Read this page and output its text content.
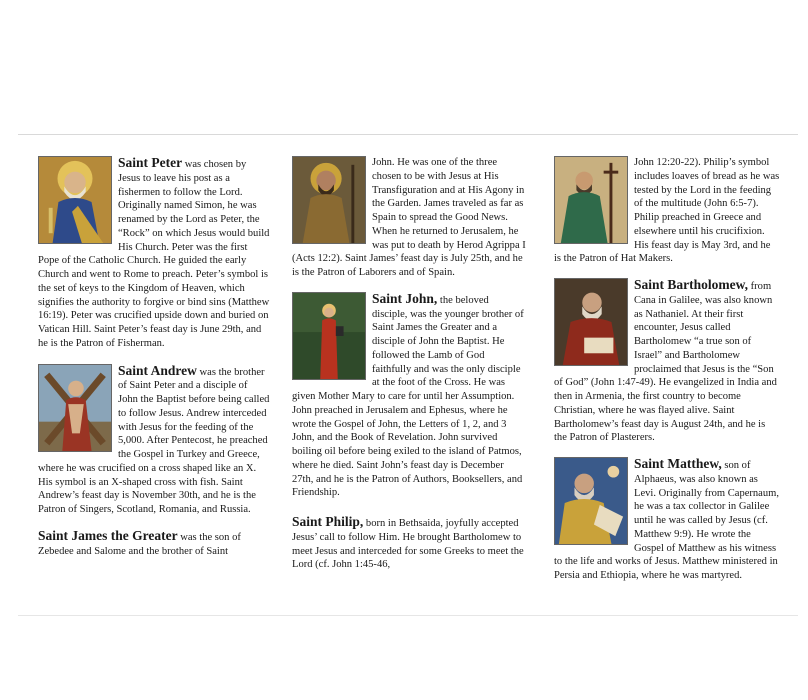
Saint Peter was chosen by Jesus to leave his post as a fishermen to follow the Lord. Originally named Simon, he was renamed by the Lord as Peter, the “Rock” on which Jesus would build His Church. Peter was the first Pope of the Catholic Church. He guided the early Church and went to Rome to preach. Peter’s symbol is the set of keys to the Kingdom of Heaven, which signifies the authority to forgive or bind sins (Matthew 16:19). Peter was crucified upside down and buried on Vatican Hill. Saint Peter’s feast day is June 29th, and he is the Patron of Fisherman.

Saint Andrew was the brother of Saint Peter and a disciple of John the Baptist before being called to follow Jesus. Andrew interceded with Jesus for the feeding of the 5,000. After Pentecost, he preached the Gospel in Turkey and Greece, where he was crucified on a cross shaped like an X. His symbol is an X-shaped cross with fish. Saint Andrew’s feast day is November 30th, and he is the Patron of Singers, Scotland, Romania, and Russia.

Saint James the Greater was the son of Zebedee and Salome and the brother of Saint

John. He was one of the three chosen to be with Jesus at His Transfiguration and at His Agony in the Garden. James traveled as far as Spain to spread the Good News. When he returned to Jerusalem, he was put to death by Herod Agrippa I (Acts 12:2). Saint James’ feast day is July 25th, and he is the Patron of Laborers and of Spain.

Saint John, the beloved disciple, was the younger brother of Saint James the Greater and a disciple of John the Baptist. He followed the Lamb of God faithfully and was the only disciple at the foot of the Cross. He was given Mother Mary to care for until her Assumption. John preached in Jerusalem and Ephesus, where he wrote the Gospel of John, the Letters of 1, 2, and 3 John, and the Book of Revelation. John survived boiling oil before being exiled to the island of Patmos, where he died. Saint John’s feast day is December 27th, and he is the Patron of Authors, Booksellers, and Friendship.

Saint Philip, born in Bethsaida, joyfully accepted Jesus’ call to follow Him. He brought Bartholomew to meet Jesus and interceded for some Greeks to meet the Lord (cf. John 1:45-46,

John 12:20-22). Philip’s symbol includes loaves of bread as he was tested by the Lord in the feeding of the multitude (John 6:5-7). Philip preached in Greece and elsewhere until his crucifixion. His feast day is May 3rd, and he is the Patron of Hat Makers.

Saint Bartholomew, from Cana in Galilee, was also known as Nathaniel. At their first encounter, Jesus called Bartholomew “a true son of Israel” and Bartholomew proclaimed that Jesus is the “Son of God” (John 1:47-49). He evangelized in India and then in Armenia, the first country to become Christian, where he was flayed alive. Saint Bartholomew’s feast day is August 24th, and he is the Patron of Plasterers.

Saint Matthew, son of Alphaeus, was also known as Levi. Originally from Capernaum, he was a tax collector in Galilee until he was called by Jesus (cf. Matthew 9:9). He wrote the Gospel of Matthew as his witness to the life and works of Jesus. Matthew ministered in Persia and Ethiopia, where he was martyred.
